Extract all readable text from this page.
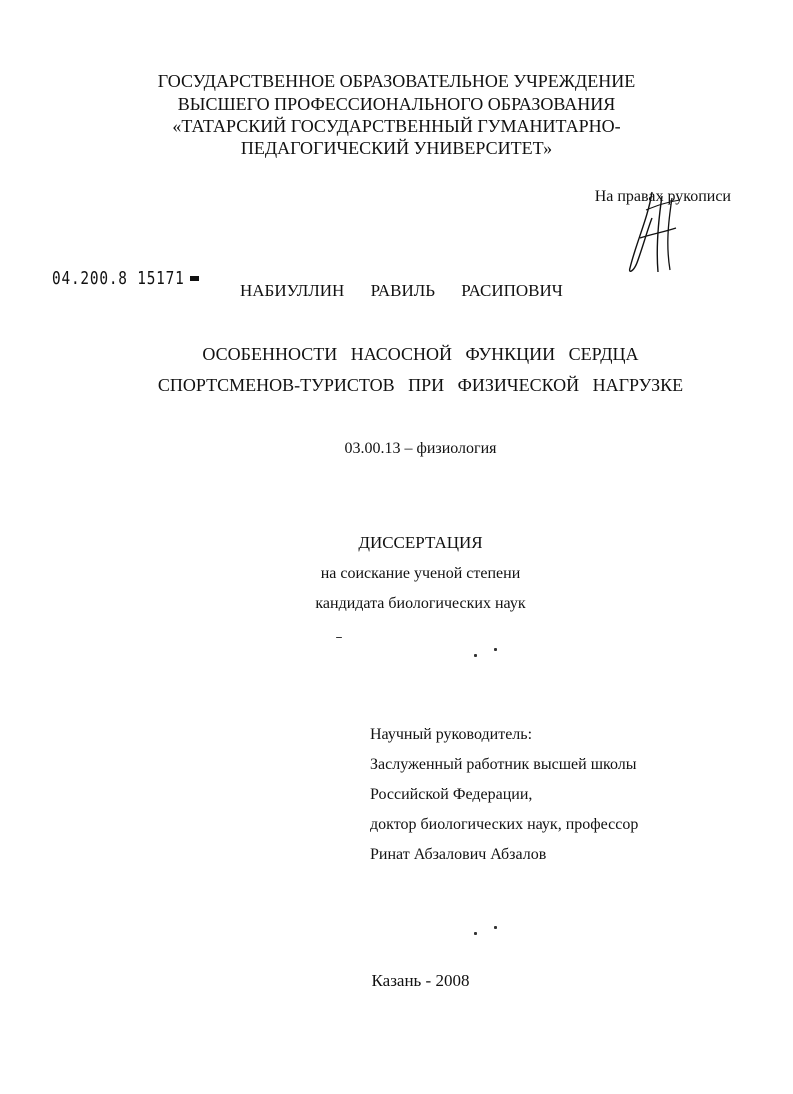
ГОСУДАРСТВЕННОЕ ОБРАЗОВАТЕЛЬНОЕ УЧРЕЖДЕНИЕ
ВЫСШЕГО ПРОФЕССИОНАЛЬНОГО ОБРАЗОВАНИЯ
«ТАТАРСКИЙ ГОСУДАРСТВЕННЫЙ ГУМАНИТАРНО-
ПЕДАГОГИЧЕСКИЙ УНИВЕРСИТЕТ»
На правах рукописи
04.200.8 15171
НАБИУЛЛИН РАВИЛЬ РАСИПОВИЧ
ОСОБЕННОСТИ НАСОСНОЙ ФУНКЦИИ СЕРДЦА
СПОРТСМЕНОВ-ТУРИСТОВ ПРИ ФИЗИЧЕСКОЙ НАГРУЗКЕ
03.00.13 – физиология
ДИССЕРТАЦИЯ
на соискание ученой степени
кандидата биологических наук
Научный руководитель:
Заслуженный работник высшей школы
Российской Федерации,
доктор биологических наук, профессор
Ринат Абзалович Абзалов
Казань - 2008
